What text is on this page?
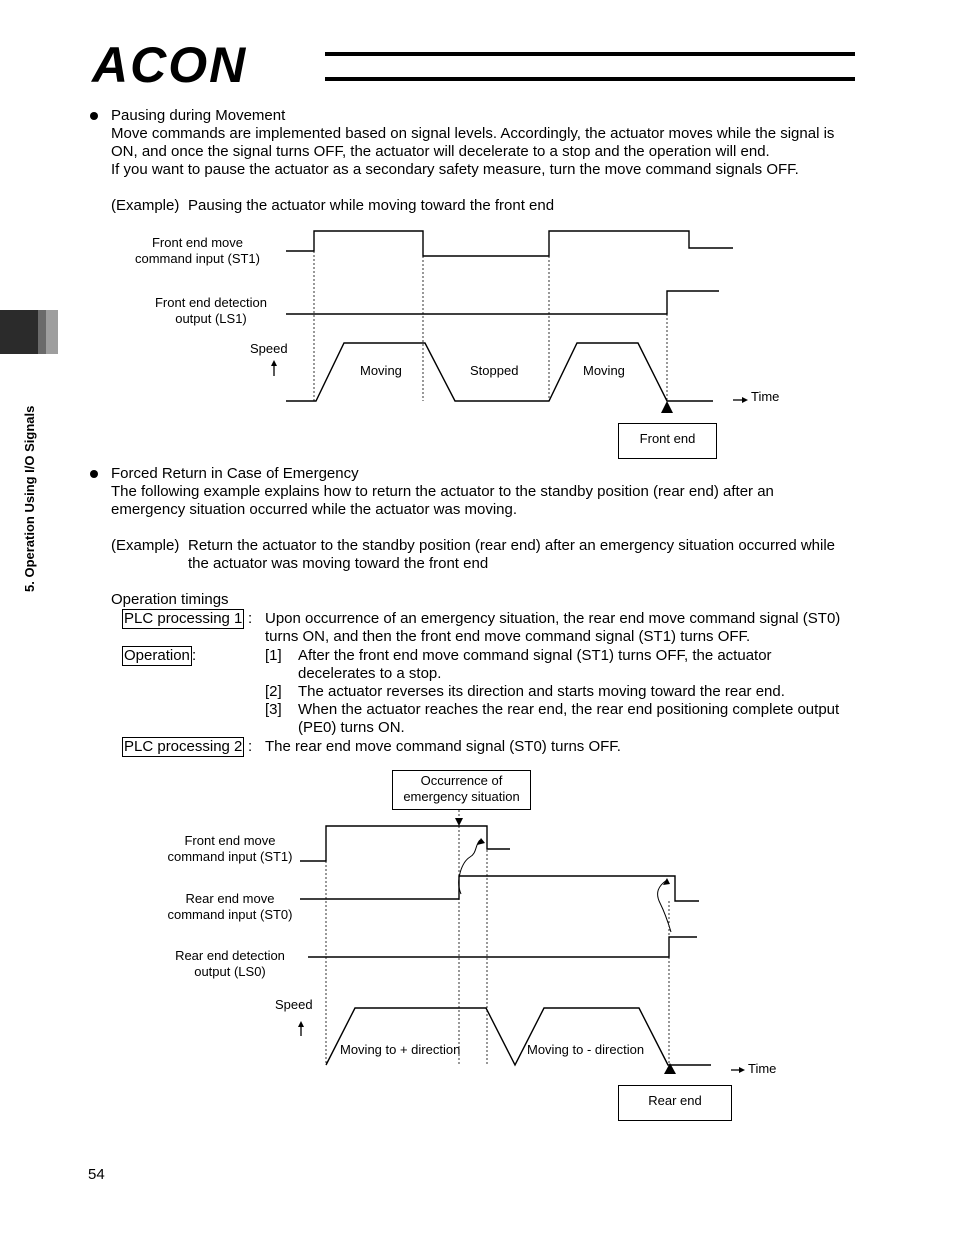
ACON
5. Operation Using I/O Signals
Pausing during Movement
Move commands are implemented based on signal levels. Accordingly, the actuator moves while the signal is
ON, and once the signal turns OFF, the actuator will decelerate to a stop and the operation will end.
If you want to pause the actuator as a secondary safety measure, turn the move command signals OFF.
(Example) Pausing the actuator while moving toward the front end
Front end move
command input (ST1)
Front end detection
output (LS1)
Speed
Moving	Stopped	Moving
Time
Front end
Forced Return in Case of Emergency
The following example explains how to return the actuator to the standby position (rear end) after an
emergency situation occurred while the actuator was moving.
(Example) Return the actuator to the standby position (rear end) after an emergency situation occurred while
the actuator was moving toward the front end
Operation timings
PLC processing 1 : Upon occurrence of an emergency situation, the rear end move command signal (ST0)
turns ON, and then the front end move command signal (ST1) turns OFF.
Operation :	[1] After the front end move command signal (ST1) turns OFF, the actuator
decelerates to a stop.
[2] The actuator reverses its direction and starts moving toward the rear end.
[3] When the actuator reaches the rear end, the rear end positioning complete output
(PE0) turns ON.
PLC processing 2 : The rear end move command signal (ST0) turns OFF.
Occurrence of
emergency situation
Front end move
command input (ST1)
Rear end move
command input (ST0)
Rear end detection
output (LS0)
Speed
Moving to + direction	Moving to - direction
Time
Rear end
54
